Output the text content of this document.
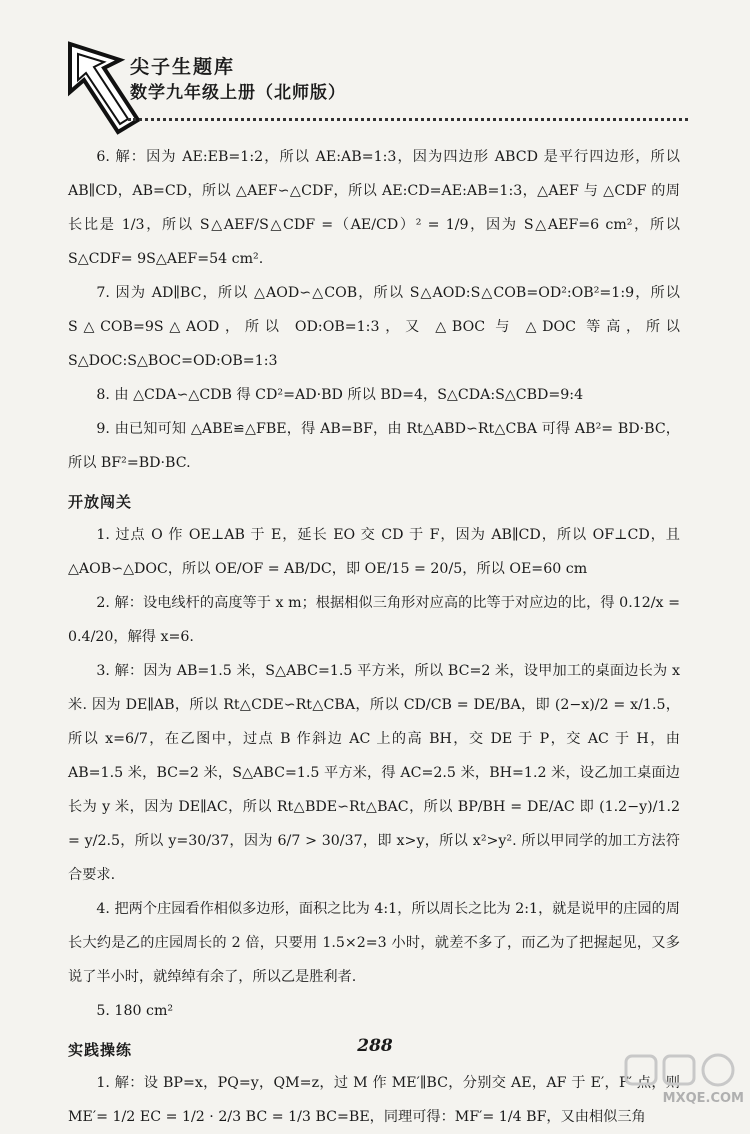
尖子生题库
数学九年级上册（北师版）

6. 解：因为 AE:EB=1:2，所以 AE:AB=1:3，因为四边形 ABCD 是平行四边形，所以 AB∥CD，AB=CD，所以 △AEF∽△CDF，所以 AE:CD=AE:AB=1:3，△AEF 与 △CDF 的周长比是 1/3，所以 S△AEF/S△CDF =（AE/CD）² = 1/9，因为 S△AEF=6 cm²，所以 S△CDF= 9S△AEF=54 cm².

7. 因为 AD∥BC，所以 △AOD∽△COB，所以 S△AOD:S△COB=OD²:OB²=1:9，所以 S△COB=9S△AOD，所以 OD:OB=1:3，又 △BOC 与 △DOC 等高，所以 S△DOC:S△BOC=OD:OB=1:3

8. 由 △CDA∽△CDB 得 CD²=AD·BD 所以 BD=4，S△CDA:S△CBD=9:4

9. 由已知可知 △ABE≌△FBE，得 AB=BF，由 Rt△ABD∽Rt△CBA 可得 AB²= BD·BC，所以 BF²=BD·BC.

开放闯关

1. 过点 O 作 OE⊥AB 于 E，延长 EO 交 CD 于 F，因为 AB∥CD，所以 OF⊥CD，且 △AOB∽△DOC，所以 OE/OF = AB/DC，即 OE/15 = 20/5，所以 OE=60 cm

2. 解：设电线杆的高度等于 x m；根据相似三角形对应高的比等于对应边的比，得 0.12/x = 0.4/20，解得 x=6.

3. 解：因为 AB=1.5 米，S△ABC=1.5 平方米，所以 BC=2 米，设甲加工的桌面边长为 x 米. 因为 DE∥AB，所以 Rt△CDE∽Rt△CBA，所以 CD/CB = DE/BA，即 (2−x)/2 = x/1.5，所以 x=6/7，在乙图中，过点 B 作斜边 AC 上的高 BH，交 DE 于 P，交 AC 于 H，由 AB=1.5 米，BC=2 米，S△ABC=1.5 平方米，得 AC=2.5 米，BH=1.2 米，设乙加工桌面边长为 y 米，因为 DE∥AC，所以 Rt△BDE∽Rt△BAC，所以 BP/BH = DE/AC 即 (1.2−y)/1.2 = y/2.5，所以 y=30/37，因为 6/7 > 30/37，即 x>y，所以 x²>y². 所以甲同学的加工方法符合要求.

4. 把两个庄园看作相似多边形，面积之比为 4:1，所以周长之比为 2:1，就是说甲的庄园的周长大约是乙的庄园周长的 2 倍，只要用 1.5×2=3 小时，就差不多了，而乙为了把握起见，又多说了半小时，就绰绰有余了，所以乙是胜利者.

5. 180 cm²

实践操练

1. 解：设 BP=x，PQ=y，QM=z，过 M 作 ME′∥BC，分别交 AE，AF 于 E′，F′ 点，则 ME′= 1/2 EC = 1/2 · 2/3 BC = 1/3 BC=BE，同理可得：MF′= 1/4 BF，又由相似三角

288
MXQE.COM
